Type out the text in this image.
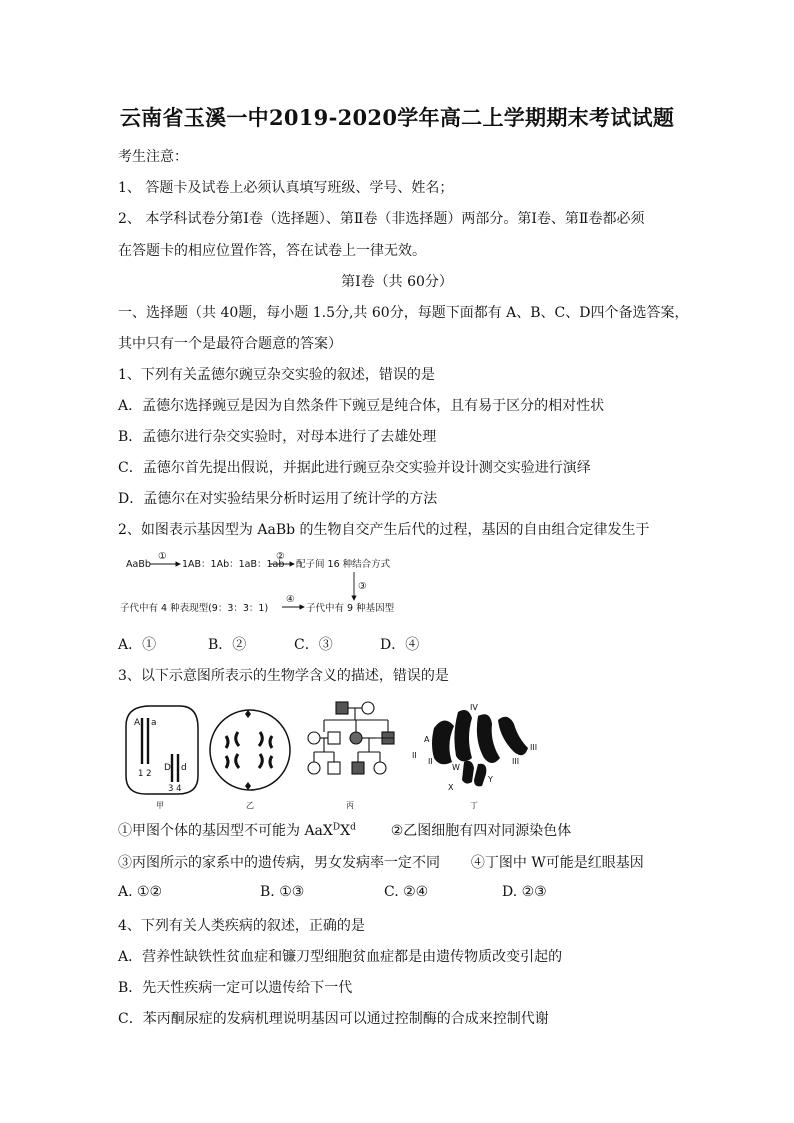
云南省玉溪一中2019-2020学年高二上学期期末考试试题
考生注意：
1、 答题卡及试卷上必须认真填写班级、学号、姓名；
2、 本学科试卷分第Ⅰ卷（选择题）、第Ⅱ卷（非选择题）两部分。第Ⅰ卷、第Ⅱ卷都必须
在答题卡的相应位置作答，答在试卷上一律无效。
第Ⅰ卷（共 60分）
一、选择题（共 40题，每小题 1.5分,共 60分，每题下面都有 A、B、C、D四个备选答案，
其中只有一个是最符合题意的答案）
1、下列有关孟德尔豌豆杂交实验的叙述，错误的是
A．孟德尔选择豌豆是因为自然条件下豌豆是纯合体，且有易于区分的相对性状
B．孟德尔进行杂交实验时，对母本进行了去雄处理
C．孟德尔首先提出假说，并据此进行豌豆杂交实验并设计测交实验进行演绎
D．孟德尔在对实验结果分析时运用了统计学的方法
2、如图表示基因型为 AaBb 的生物自交产生后代的过程，基因的自由组合定律发生于
AaBb
①
1AB：1Ab：1aB：1ab
②
配子间 16 种结合方式
③
子代中有 4 种表现型(9：3：3：1)
④
子代中有 9 种基因型
A．①	B．②	C．③	D．④
3、以下示意图所表示的生物学含义的描述，错误的是
A a
1 2
D d
3 4
甲	乙	丙
IV
A
II
II
III
III
W
X
Y
丁
①甲图个体的基因型不可能为 $AaX^DX^d$ ②乙图细胞有四对同源染色体
③丙图所示的家系中的遗传病，男女发病率一定不同 ④丁图中 W可能是红眼基因
A. ①②	B. ①③	C. ②④	D. ②③
4、下列有关人类疾病的叙述，正确的是
A．营养性缺铁性贫血症和镰刀型细胞贫血症都是由遗传物质改变引起的
B．先天性疾病一定可以遗传给下一代
C．苯丙酮尿症的发病机理说明基因可以通过控制酶的合成来控制代谢
